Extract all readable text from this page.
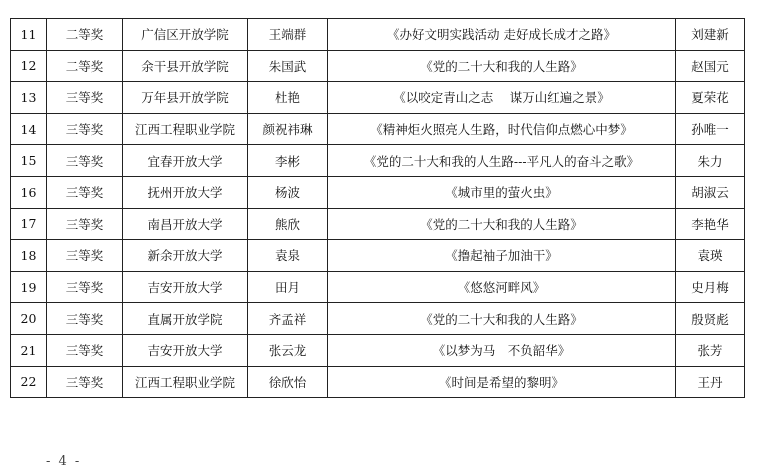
11	二等奖	广信区开放学院	王端群	《办好文明实践活动 走好成长成才之路》	刘建新
12	二等奖	余干县开放学院	朱国武	《党的二十大和我的人生路》	赵国元
13	三等奖	万年县开放学院	杜艳	《以咬定青山之志　 谋万山红遍之景》	夏荣花
14	三等奖	江西工程职业学院	颜祝祎琳	《精神炬火照亮人生路，时代信仰点燃心中梦》	孙唯一
15	三等奖	宜春开放大学	李彬	《党的二十大和我的人生路---平凡人的奋斗之歌》	朱力
16	三等奖	抚州开放大学	杨波	《城市里的萤火虫》	胡淑云
17	三等奖	南昌开放大学	熊欣	《党的二十大和我的人生路》	李艳华
18	三等奖	新余开放大学	袁泉	《撸起袖子加油干》	袁瑛
19	三等奖	吉安开放大学	田月	《悠悠河畔风》	史月梅
20	三等奖	直属开放学院	齐孟祥	《党的二十大和我的人生路》	殷贤彪
21	三等奖	吉安开放大学	张云龙	《以梦为马　不负韶华》	张芳
22	三等奖	江西工程职业学院	徐欣怡	《时间是希望的黎明》	王丹
- 4 -
